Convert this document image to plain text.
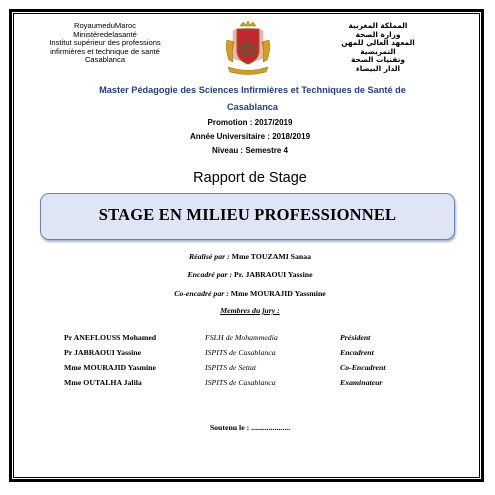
RoyaumeduMaroc
Ministèredelasanté
Institut supérieur des professions
infirmières et technique de santé
Casablanca
المملكة المغربية
وزارة الصحة
المعهد العالي للمهن التمريضية
وتقنيات الصحة
الدار البيضاء
Master Pédagogie des Sciences Infirmières et Techniques de Santé de
Casablanca
Promotion : 2017/2019
Année Universitaire : 2018/2019
Niveau : Semestre 4
Rapport de Stage
STAGE EN MILIEU PROFESSIONNEL
Réalisé par : Mme TOUZAMI Sanaa
Encadré par : Pr. JABRAOUI Yassine
Co-encadré par : Mme MOURAJID Yassmine
Membres du jury :
Pr ANEFLOUSS Mohamed	FSLH de Mohammedia	Président
Pr JABRAOUI Yassine	ISPITS de Casablanca	Encadrent
Mme MOURAJID Yasmine	ISPITS de Settat	Co-Encadrent
Mme OUTALHA Jalila	ISPITS de Casablanca	Examinateur
Soutenu le : ....................
